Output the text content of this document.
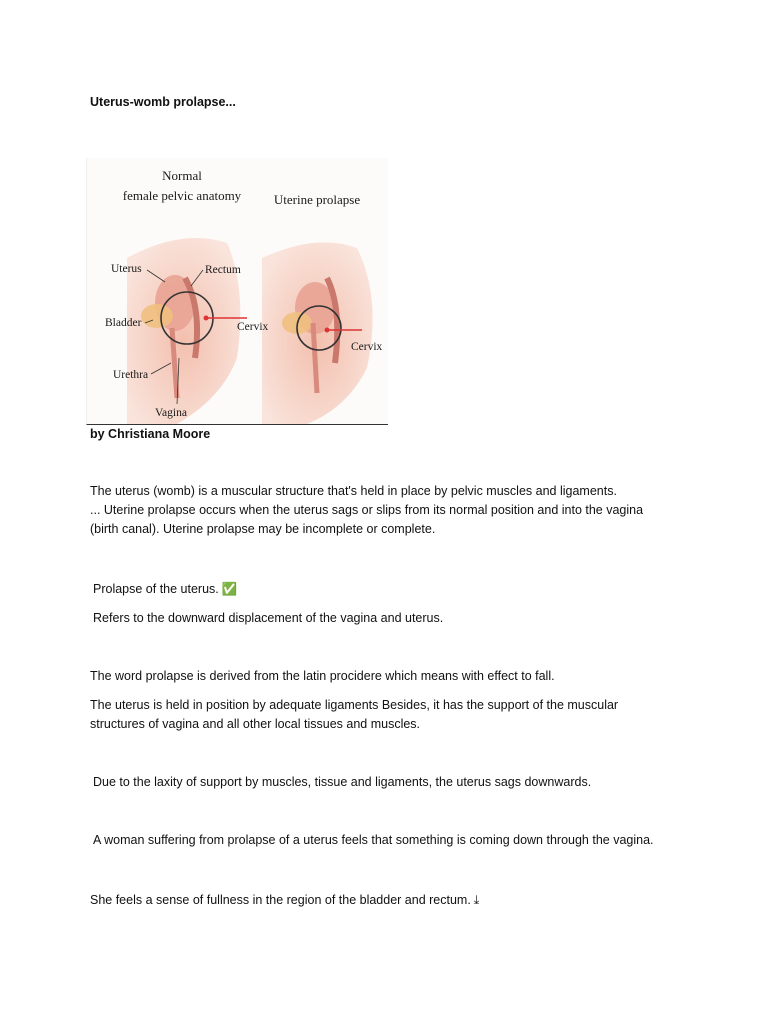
Uterus-womb prolapse...
Normal
female pelvic anatomy	Uterine prolapse
Uterus	Rectum
Bladder	Cervix
Urethra
Vagina
Cervix
by Christiana Moore
The uterus (womb) is a muscular structure that's held in place by pelvic muscles and ligaments.
... Uterine prolapse occurs when the uterus sags or slips from its normal position and into the vagina
(birth canal). Uterine prolapse may be incomplete or complete.
Prolapse of the uterus. ✅
Refers to the downward displacement of the vagina and uterus.
The word prolapse is derived from the latin procidere which means with effect to fall.
The uterus is held in position by adequate ligaments Besides, it has the support of the muscular
structures of vagina and all other local tissues and muscles.
Due to the laxity of support by muscles, tissue and ligaments, the uterus sags downwards.
A woman suffering from prolapse of a uterus feels that something is coming down through the vagina.
She feels a sense of fullness in the region of the bladder and rectum. ⤓
